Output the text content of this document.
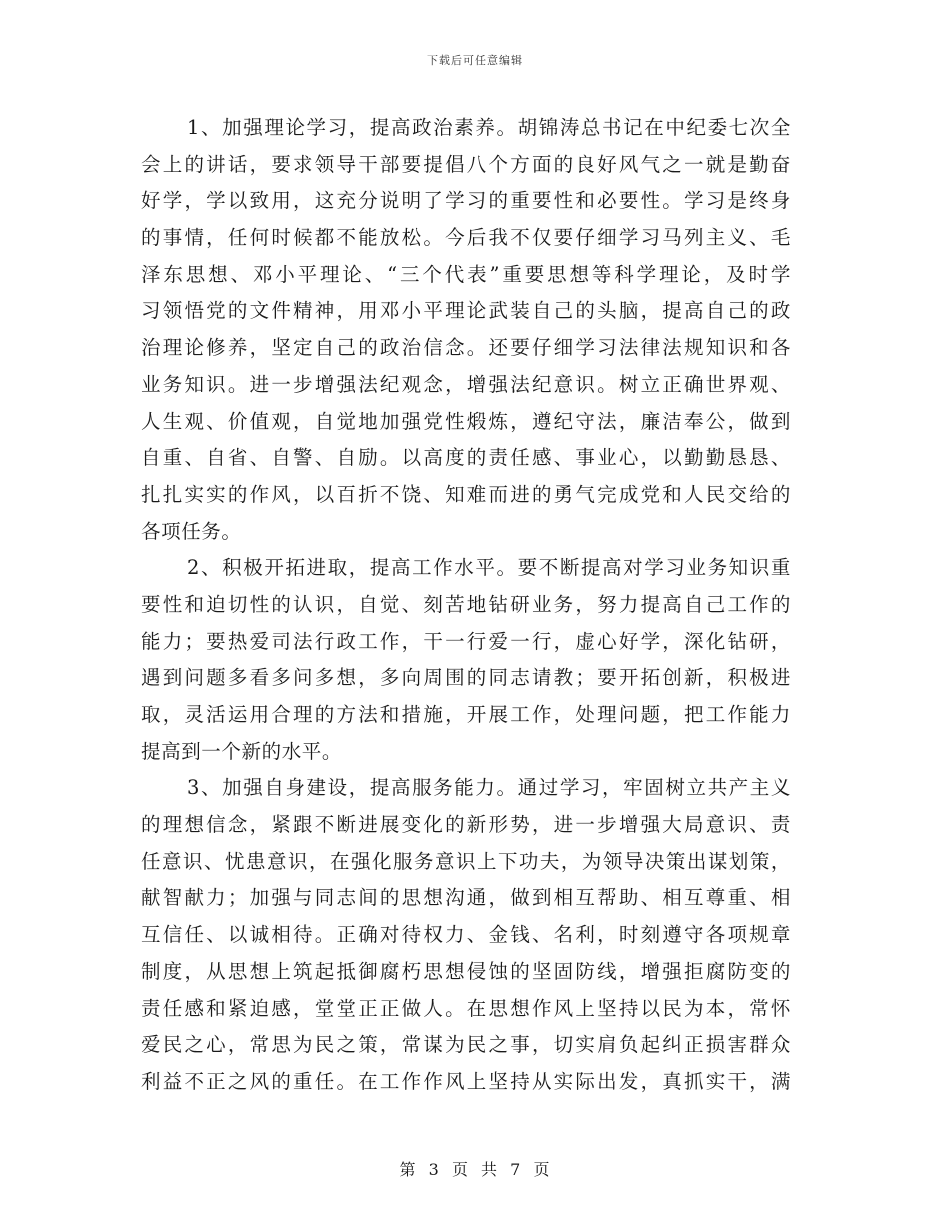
下载后可任意编辑
1、加强理论学习，提高政治素养。胡锦涛总书记在中纪委七次全
会上的讲话，要求领导干部要提倡八个方面的良好风气之一就是勤奋
好学，学以致用，这充分说明了学习的重要性和必要性。学习是终身
的事情，任何时候都不能放松。今后我不仅要仔细学习马列主义、毛
泽东思想、邓小平理论、“三个代表”重要思想等科学理论，及时学
习领悟党的文件精神，用邓小平理论武装自己的头脑，提高自己的政
治理论修养，坚定自己的政治信念。还要仔细学习法律法规知识和各
业务知识。进一步增强法纪观念，增强法纪意识。树立正确世界观、
人生观、价值观，自觉地加强党性煅炼，遵纪守法，廉洁奉公，做到
自重、自省、自警、自励。以高度的责任感、事业心，以勤勤恳恳、
扎扎实实的作风，以百折不饶、知难而进的勇气完成党和人民交给的
各项任务。
2、积极开拓进取，提高工作水平。要不断提高对学习业务知识重
要性和迫切性的认识，自觉、刻苦地钻研业务，努力提高自己工作的
能力；要热爱司法行政工作，干一行爱一行，虚心好学，深化钻研，
遇到问题多看多问多想，多向周围的同志请教；要开拓创新，积极进
取，灵活运用合理的方法和措施，开展工作，处理问题，把工作能力
提高到一个新的水平。
3、加强自身建设，提高服务能力。通过学习，牢固树立共产主义
的理想信念，紧跟不断进展变化的新形势，进一步增强大局意识、责
任意识、忧患意识，在强化服务意识上下功夫，为领导决策出谋划策，
献智献力；加强与同志间的思想沟通，做到相互帮助、相互尊重、相
互信任、以诚相待。正确对待权力、金钱、名利，时刻遵守各项规章
制度，从思想上筑起抵御腐朽思想侵蚀的坚固防线，增强拒腐防变的
责任感和紧迫感，堂堂正正做人。在思想作风上坚持以民为本，常怀
爱民之心，常思为民之策，常谋为民之事，切实肩负起纠正损害群众
利益不正之风的重任。在工作作风上坚持从实际出发，真抓实干，满
第 3 页 共 7 页
